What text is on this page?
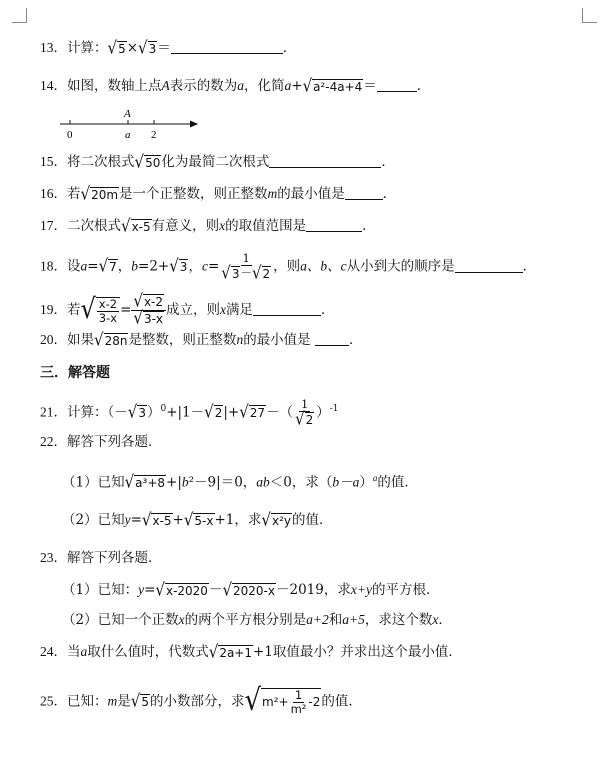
13．计算： √ 5 × √ 3 ＝	．
14．如图，数轴上点A表示的数为a，化简a+ √ a²-4a+4 ＝	．
A
0	a 2
15．将二次根式 √ 50 化为最简二次根式	．
16．若 √ 20m 是一个正整数，则正整数m的最小值是	．
17．二次根式 √ x-5 有意义，则x的取值范围是	．
18．设a= √ 7 ，b=2+ √ 3 ，$c= \frac{1}{√ 3 - √ 2}$ ，则a、b、c从小到大的顺序是	．
19．若 √ $\frac{x-2}{3-x} = \frac{√ x-2}{√ 3-x}$ 成立，则x满足	．
20．如果 √ 28n 是整数，则正整数n的最小值是	．
三．解答题
21．计算：（－ √ 3 ）$^0$+|1－ √ 2 |+ √ 27 －（ $\frac{1}{√ 2} )^{-1}$
22．解答下列各题．
（1）已知 √ a³+8 +|b²－9|＝0，ab＜0，求$(b-a)^a$的值．
（2）已知y= √ x-5 + √ 5-x +1，求 √ x²y 的值．
23．解答下列各题．
（1）已知：y= √ x-2020 － √ 2020-x －2019，求x+y的平方根．
（2）已知一个正数x的两个平方根分别是a+2和a+5，求这个数x．
24．当a取什么值时，代数式 √ 2a+1 +1取值最小？并求出这个最小值．
25．已知：m是 √ 5 的小数部分，求 √ $m^2+ \frac{1}{\text{m²}} -2$ 的值．
